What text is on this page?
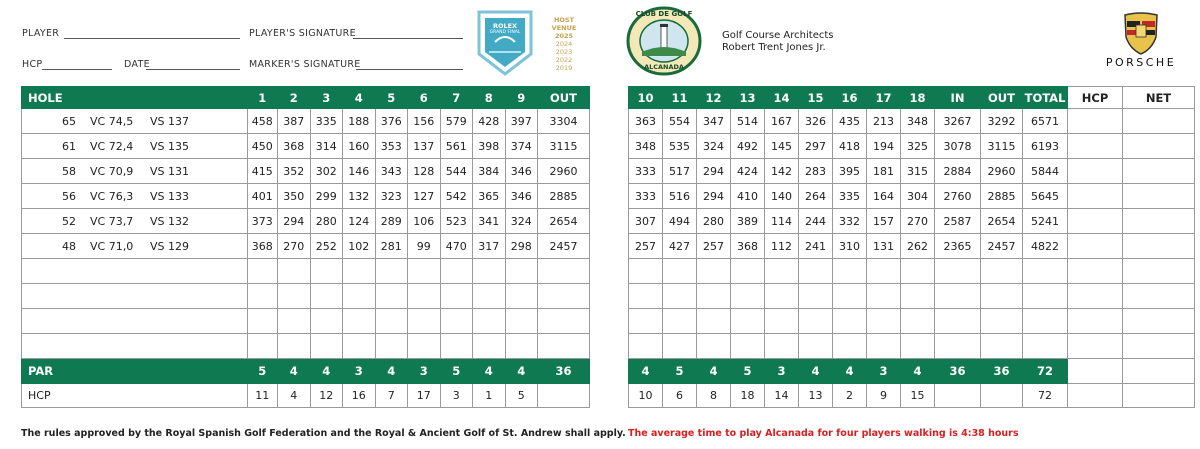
PLAYER	PLAYER'S SIGNATURE
HCP	DATE	MARKER'S SIGNATURE
ROLEX
GRAND FINAL
HOST VENUE
2025
2024
2023
2022
2019
CLUB DE GOLF
ALCANADA
Golf Course Architects
Robert Trent Jones Jr.
PORSCHE
HOLE	1	2	3	4	5	6	7	8	9	OUT

65 VC 74,5 VS 137	458	387	335	188	376	156	579	428	397	3304

61 VC 72,4 VS 135	450	368	314	160	353	137	561	398	374	3115

58 VC 70,9 VS 131	415	352	302	146	343	128	544	384	346	2960

56 VC 76,3 VS 133	401	350	299	132	323	127	542	365	346	2885

52 VC 73,7 VS 132	373	294	280	124	289	106	523	341	324	2654

48 VC 71,0 VS 129	368	270	252	102	281	99	470	317	298	2457

PAR	5	4	4	3	4	3	5	4	4	36
HCP	11	4	12	16	7	17	3	1	5	
10	11	12	13	14	15	16	17	18	IN	OUT	TOTAL	HCP	NET
363	554	347	514	167	326	435	213	348	3267	3292	6571		
348	535	324	492	145	297	418	194	325	3078	3115	6193		
333	517	294	424	142	283	395	181	315	2884	2960	5844		
333	516	294	410	140	264	335	164	304	2760	2885	5645		
307	494	280	389	114	244	332	157	270	2587	2654	5241		
257	427	257	368	112	241	310	131	262	2365	2457	4822		

4	5	4	5	3	4	4	3	4	36	36	72		
10	6	8	18	14	13	2	9	15			72		
The rules approved by the Royal Spanish Golf Federation and the Royal & Ancient Golf of St. Andrew shall apply. The average time to play Alcanada for four players walking is 4:38 hours
